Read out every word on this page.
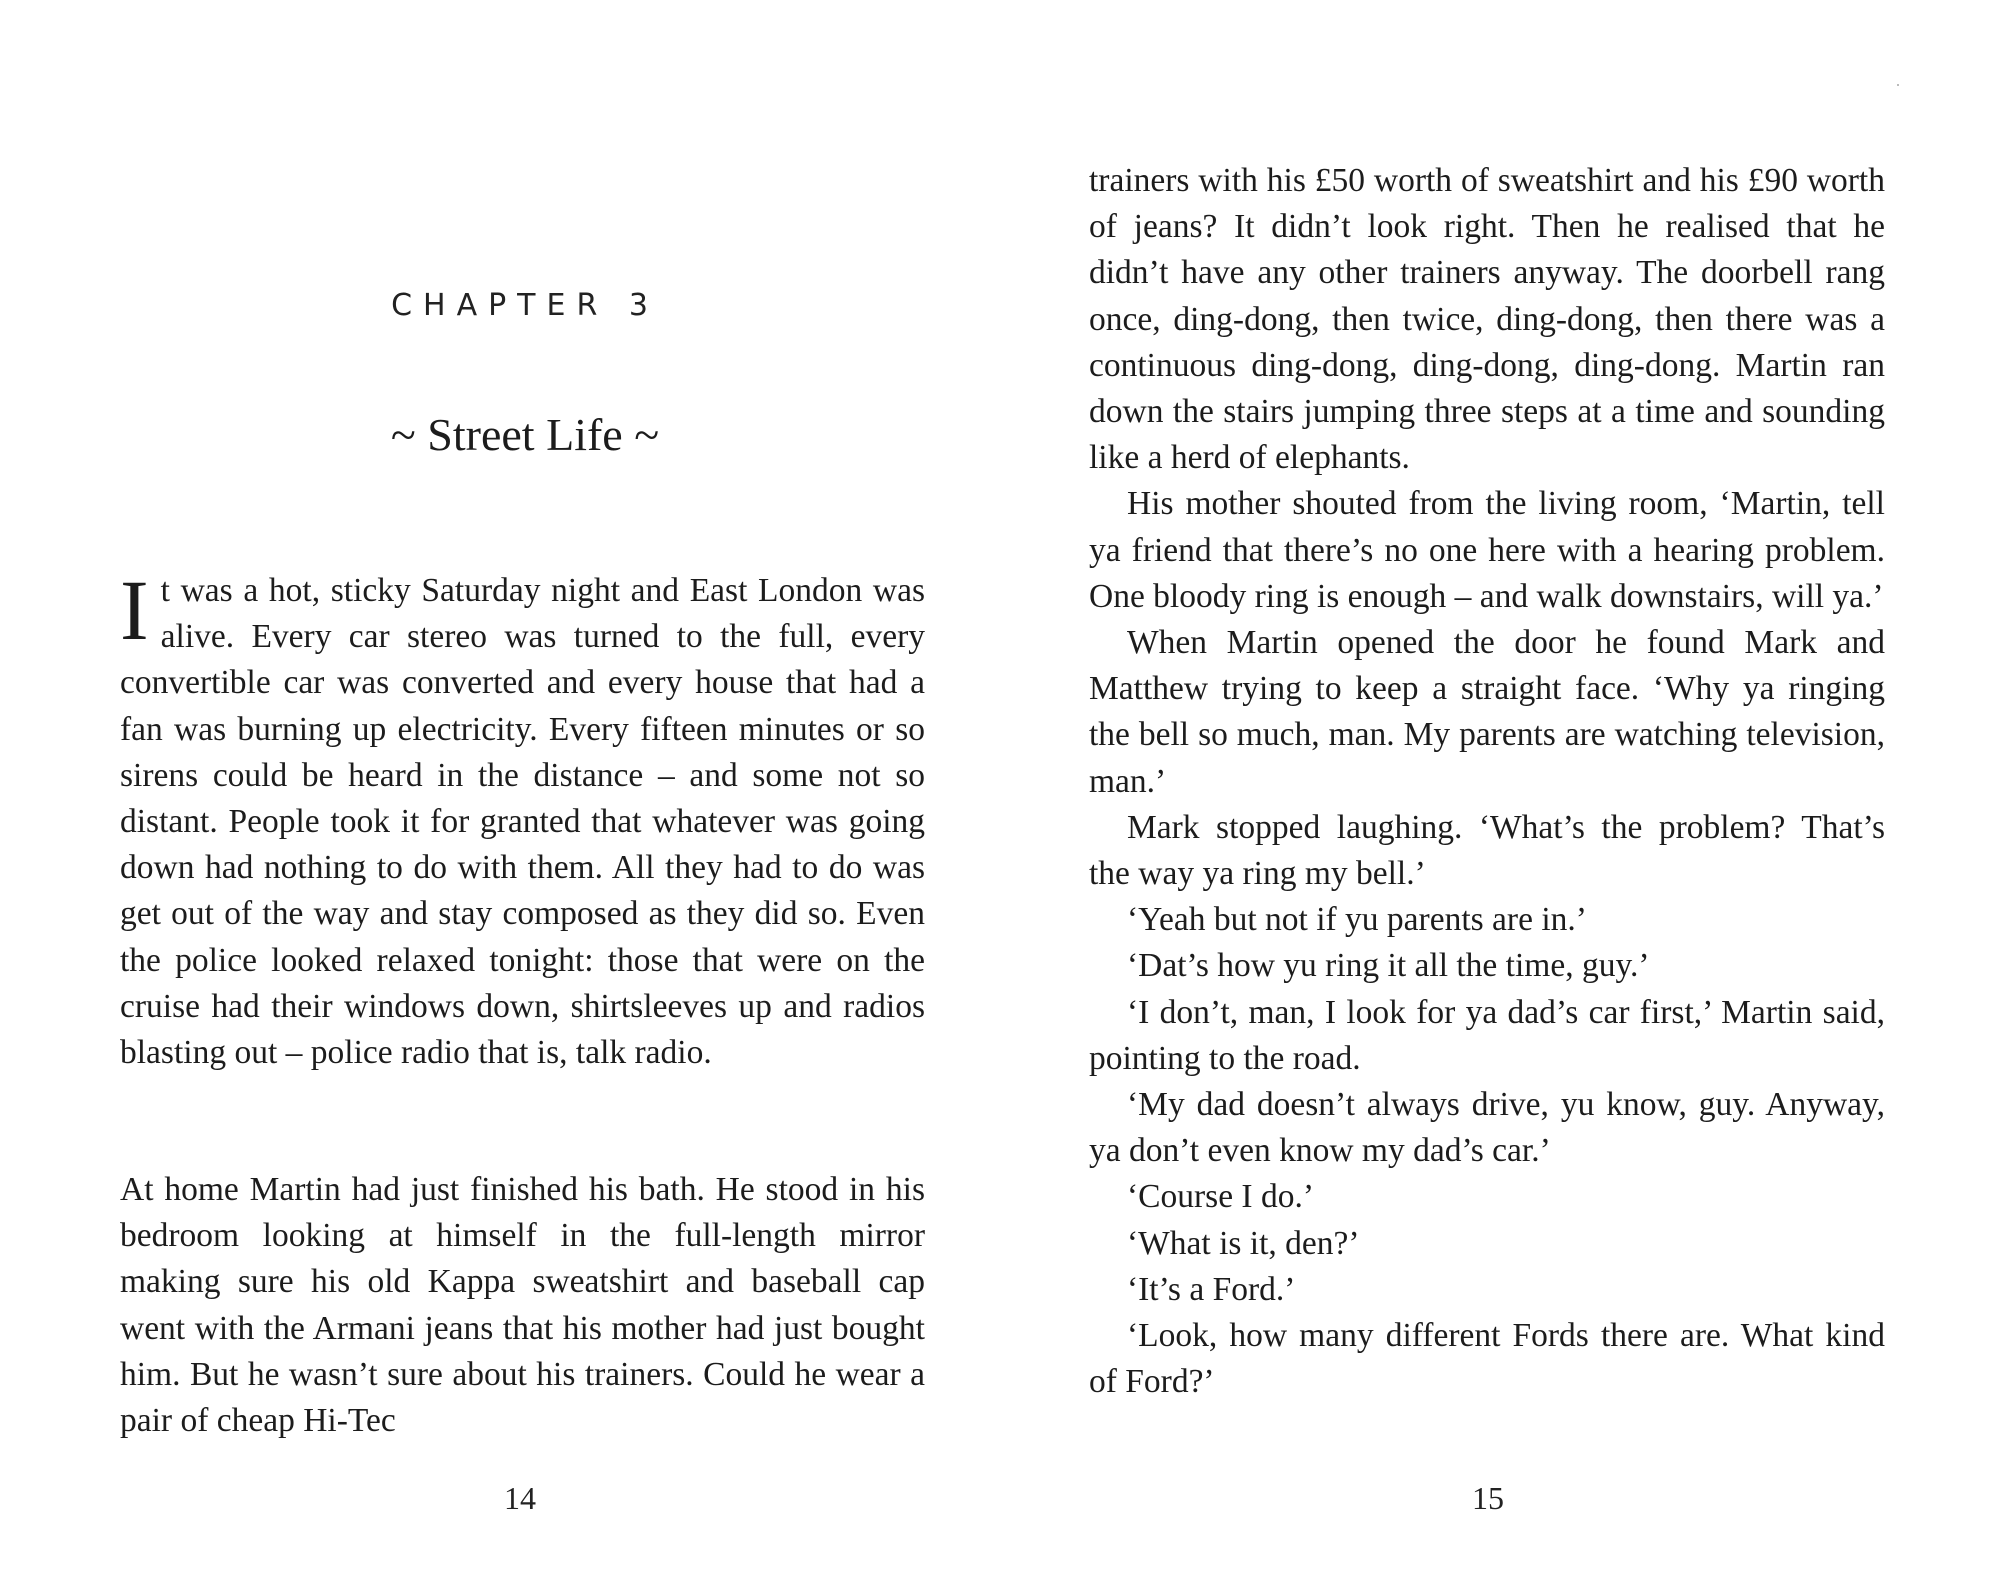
CHAPTER 3
~ Street Life ~
It was a hot, sticky Saturday night and East London was alive. Every car stereo was turned to the full, every convertible car was converted and every house that had a fan was burning up electricity. Every fifteen minutes or so sirens could be heard in the distance – and some not so distant. People took it for granted that whatever was going down had nothing to do with them. All they had to do was get out of the way and stay composed as they did so. Even the police looked relaxed tonight: those that were on the cruise had their windows down, shirtsleeves up and radios blasting out – police radio that is, talk radio.
At home Martin had just finished his bath. He stood in his bedroom looking at himself in the full-length mirror making sure his old Kappa sweatshirt and baseball cap went with the Armani jeans that his mother had just bought him. But he wasn’t sure about his trainers. Could he wear a pair of cheap Hi-Tec
14

trainers with his £50 worth of sweatshirt and his £90 worth of jeans? It didn’t look right. Then he realised that he didn’t have any other trainers anyway. The doorbell rang once, ding-dong, then twice, ding-dong, then there was a continuous ding-dong, ding-dong, ding-dong. Martin ran down the stairs jumping three steps at a time and sounding like a herd of elephants.

His mother shouted from the living room, ‘Martin, tell ya friend that there’s no one here with a hearing problem. One bloody ring is enough – and walk downstairs, will ya.’

When Martin opened the door he found Mark and Matthew trying to keep a straight face. ‘Why ya ringing the bell so much, man. My parents are watching television, man.’

Mark stopped laughing. ‘What’s the problem? That’s the way ya ring my bell.’

‘Yeah but not if yu parents are in.’

‘Dat’s how yu ring it all the time, guy.’

‘I don’t, man, I look for ya dad’s car first,’ Martin said, pointing to the road.

‘My dad doesn’t always drive, yu know, guy. Anyway, ya don’t even know my dad’s car.’

‘Course I do.’

‘What is it, den?’

‘It’s a Ford.’

‘Look, how many different Fords there are. What kind of Ford?’

15
